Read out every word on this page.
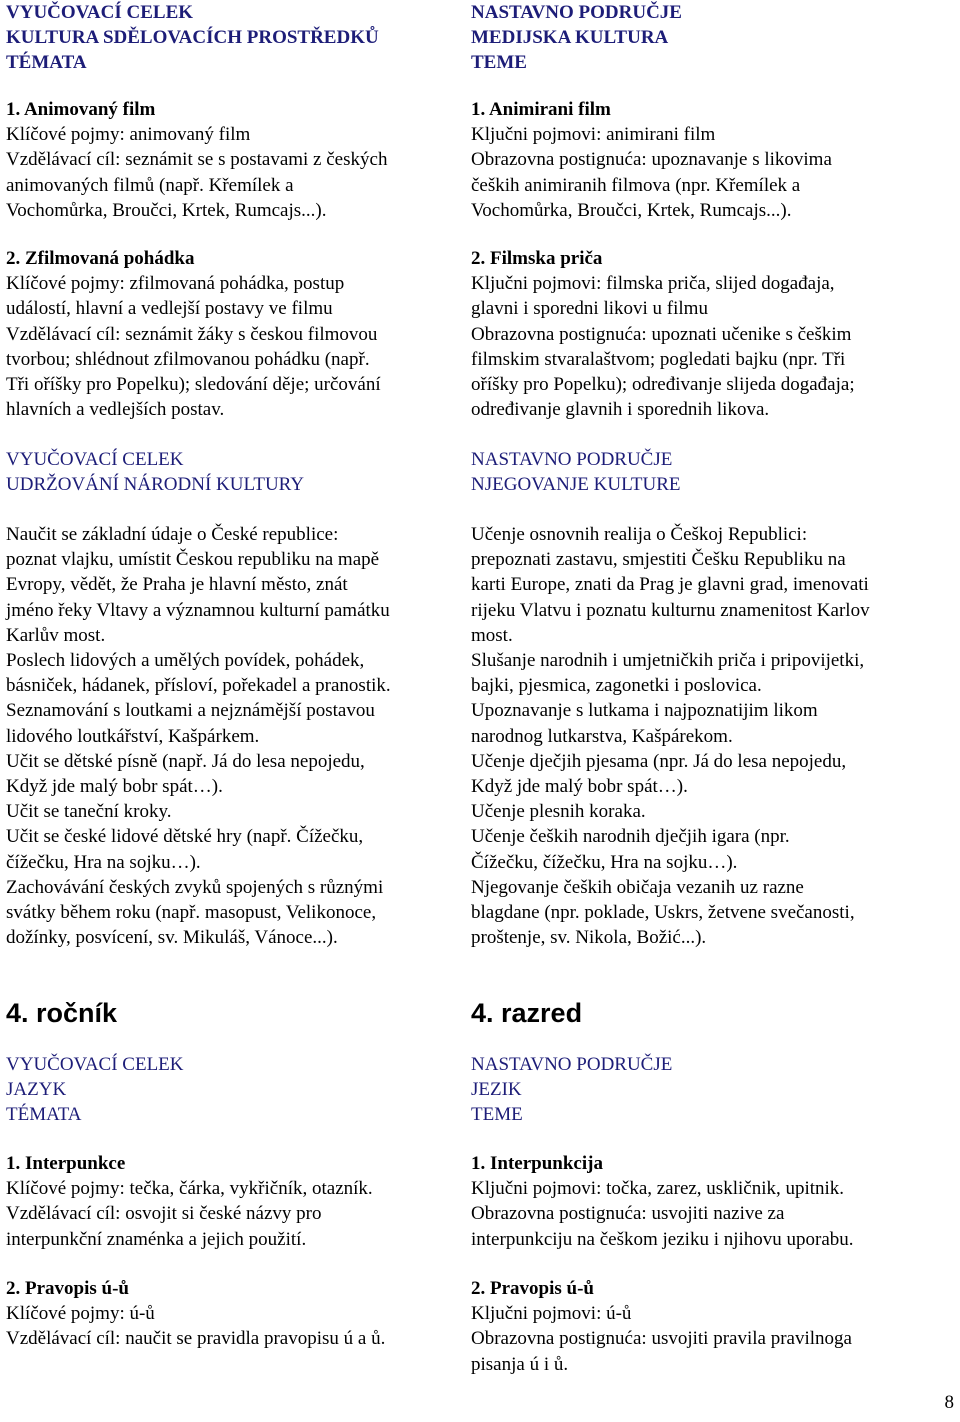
VYUČOVACÍ CELEK
KULTURA SDĚLOVACÍCH PROSTŘEDKŮ
TÉMATA
1. Animovaný film
Klíčové pojmy: animovaný film
Vzdělávací cíl: seznámit se s postavami z českých
animovaných filmů (např. Křemílek a
Vochomůrka, Broučci, Krtek, Rumcajs...).
2. Zfilmovaná pohádka
Klíčové pojmy: zfilmovaná pohádka, postup
událostí, hlavní a vedlejší postavy ve filmu
Vzdělávací cíl: seznámit žáky s českou filmovou
tvorbou; shlédnout zfilmovanou pohádku (např.
Tři oříšky pro Popelku); sledování děje; určování
hlavních a vedlejších postav.
VYUČOVACÍ CELEK
UDRŽOVÁNÍ NÁRODNÍ KULTURY
Naučit se základní údaje o České republice:
poznat vlajku, umístit Českou republiku na mapě
Evropy, vědět, že Praha je hlavní město, znát
jméno řeky Vltavy a významnou kulturní památku
Karlův most.
Poslech lidových a umělých povídek, pohádek,
básniček, hádanek, přísloví, pořekadel a pranostik.
Seznamování s loutkami a nejznámější postavou
lidového loutkářství, Kašpárkem.
Učit se dětské písně (např. Já do lesa nepojedu,
Když jde malý bobr spát…).
Učit se taneční kroky.
Učit se české lidové dětské hry (např. Čížečku,
čížečku, Hra na sojku…).
Zachovávání českých zvyků spojených s různými
svátky během roku (např. masopust, Velikonoce,
dožínky, posvícení, sv. Mikuláš, Vánoce...).
4. ročník
VYUČOVACÍ CELEK
JAZYK
TÉMATA
1. Interpunkce
Klíčové pojmy: tečka, čárka, vykřičník, otazník.
Vzdělávací cíl: osvojit si české názvy pro
interpunkční znaménka a jejich použití.
2. Pravopis ú-ů
Klíčové pojmy: ú-ů
Vzdělávací cíl: naučit se pravidla pravopisu ú a ů.
NASTAVNO PODRUČJE
MEDIJSKA KULTURA
TEME
1. Animirani film
Ključni pojmovi: animirani film
Obrazovna postignuća: upoznavanje s likovima
čeških animiranih filmova (npr. Křemílek a
Vochomůrka, Broučci, Krtek, Rumcajs...).
2. Filmska priča
Ključni pojmovi: filmska priča, slijed događaja,
glavni i sporedni likovi u filmu
Obrazovna postignuća: upoznati učenike s češkim
filmskim stvaralaštvom; pogledati bajku (npr. Tři
oříšky pro Popelku); određivanje slijeda događaja;
određivanje glavnih i sporednih likova.
NASTAVNO PODRUČJE
NJEGOVANJE KULTURE
Učenje osnovnih realija o Češkoj Republici:
prepoznati zastavu, smjestiti Češku Republiku na
karti Europe, znati da Prag je glavni grad, imenovati
rijeku Vlatvu i poznatu kulturnu znamenitost Karlov
most.
Slušanje narodnih i umjetničkih priča i pripovijetki,
bajki, pjesmica, zagonetki i poslovica.
Upoznavanje s lutkama i najpoznatijim likom
narodnog lutkarstva, Kašpárekom.
Učenje dječjih pjesama (npr. Já do lesa nepojedu,
Když jde malý bobr spát…).
Učenje plesnih koraka.
Učenje čeških narodnih dječjih igara (npr.
Čížečku, čížečku, Hra na sojku…).
Njegovanje čeških običaja vezanih uz razne
blagdane (npr. poklade, Uskrs, žetvene svečanosti,
proštenje, sv. Nikola, Božić...).
4. razred
NASTAVNO PODRUČJE
JEZIK
TEME
1. Interpunkcija
Ključni pojmovi: točka, zarez, uskličnik, upitnik.
Obrazovna postignuća: usvojiti nazive za
interpunkciju na češkom jeziku i njihovu uporabu.
2. Pravopis ú-ů
Ključni pojmovi: ú-ů
Obrazovna postignuća: usvojiti pravila pravilnoga
pisanja ú i ů.
8
